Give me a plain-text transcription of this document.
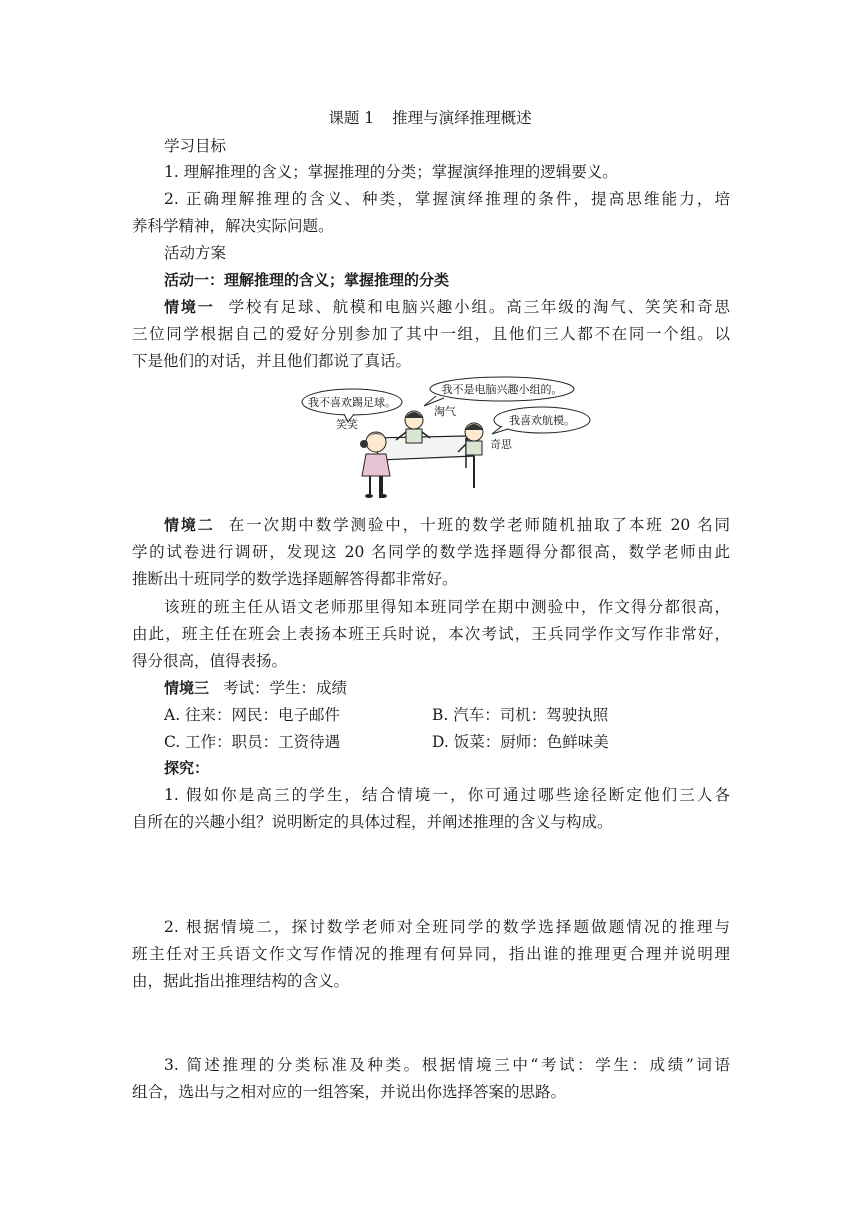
课题 1 推理与演绎推理概述
学习目标
1. 理解推理的含义；掌握推理的分类；掌握演绎推理的逻辑要义。
2. 正确理解推理的含义、种类，掌握演绎推理的条件，提高思维能力，培
养科学精神，解决实际问题。
活动方案
活动一：理解推理的含义；掌握推理的分类
情境一 学校有足球、航模和电脑兴趣小组。高三年级的淘气、笑笑和奇思
三位同学根据自己的爱好分别参加了其中一组，且他们三人都不在同一个组。以
下是他们的对话，并且他们都说了真话。
我不喜欢踢足球。
我不是电脑兴趣小组的。
我喜欢航模。
笑笑
淘气
奇思
情境二 在一次期中数学测验中，十班的数学老师随机抽取了本班 20 名同
学的试卷进行调研，发现这 20 名同学的数学选择题得分都很高，数学老师由此
推断出十班同学的数学选择题解答得都非常好。
该班的班主任从语文老师那里得知本班同学在期中测验中，作文得分都很高，
由此，班主任在班会上表扬本班王兵时说，本次考试，王兵同学作文写作非常好，
得分很高，值得表扬。
情境三 考试：学生：成绩
A. 往来：网民：电子邮件	B. 汽车：司机：驾驶执照
C. 工作：职员：工资待遇	D. 饭菜：厨师：色鲜味美
探究：
1. 假如你是高三的学生，结合情境一，你可通过哪些途径断定他们三人各
自所在的兴趣小组？说明断定的具体过程，并阐述推理的含义与构成。
2. 根据情境二，探讨数学老师对全班同学的数学选择题做题情况的推理与
班主任对王兵语文作文写作情况的推理有何异同，指出谁的推理更合理并说明理
由，据此指出推理结构的含义。
3. 简述推理的分类标准及种类。根据情境三中“考试：学生：成绩”词语
组合，选出与之相对应的一组答案，并说出你选择答案的思路。
